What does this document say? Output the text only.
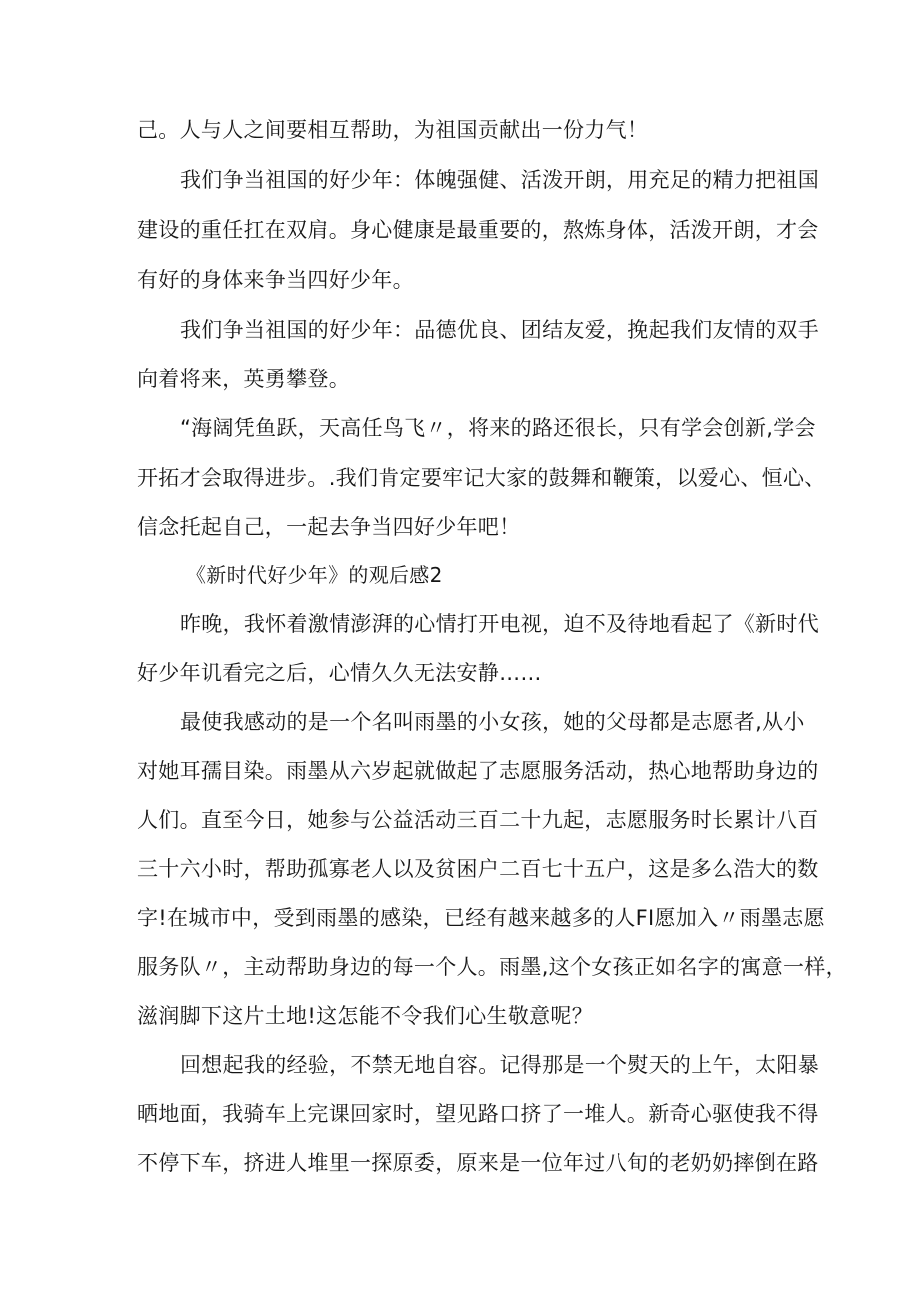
己。人与人之间要相互帮助，为祖国贡献出一份力气！
我们争当祖国的好少年：体魄强健、活泼开朗，用充足的精力把祖国
建设的重任扛在双肩。身心健康是最重要的，熬炼身体，活泼开朗，才会
有好的身体来争当四好少年。
我们争当祖国的好少年：品德优良、团结友爱，挽起我们友情的双手
向着将来，英勇攀登。
“海阔凭鱼跃，天高任鸟飞〃，将来的路还很长，只有学会创新,学会
开拓才会取得进步。.我们肯定要牢记大家的鼓舞和鞭策，以爱心、恒心、
信念托起自己，一起去争当四好少年吧！
《新时代好少年》的观后感2
昨晚，我怀着激情澎湃的心情打开电视，迫不及待地看起了《新时代
好少年讥看完之后，心情久久无法安静……
最使我感动的是一个名叫雨墨的小女孩，她的父母都是志愿者,从小
对她耳孺目染。雨墨从六岁起就做起了志愿服务活动，热心地帮助身边的
人们。直至今日，她参与公益活动三百二十九起，志愿服务时长累计八百
三十六小时，帮助孤寡老人以及贫困户二百七十五户，这是多么浩大的数
字!在城市中，受到雨墨的感染，已经有越来越多的人FI愿加入〃雨墨志愿
服务队〃，主动帮助身边的每一个人。雨墨,这个女孩正如名字的寓意一样，
滋润脚下这片土地!这怎能不令我们心生敬意呢？
回想起我的经验，不禁无地自容。记得那是一个熨天的上午，太阳暴
晒地面，我骑车上完课回家时，望见路口挤了一堆人。新奇心驱使我不得
不停下车，挤进人堆里一探原委，原来是一位年过八旬的老奶奶摔倒在路
